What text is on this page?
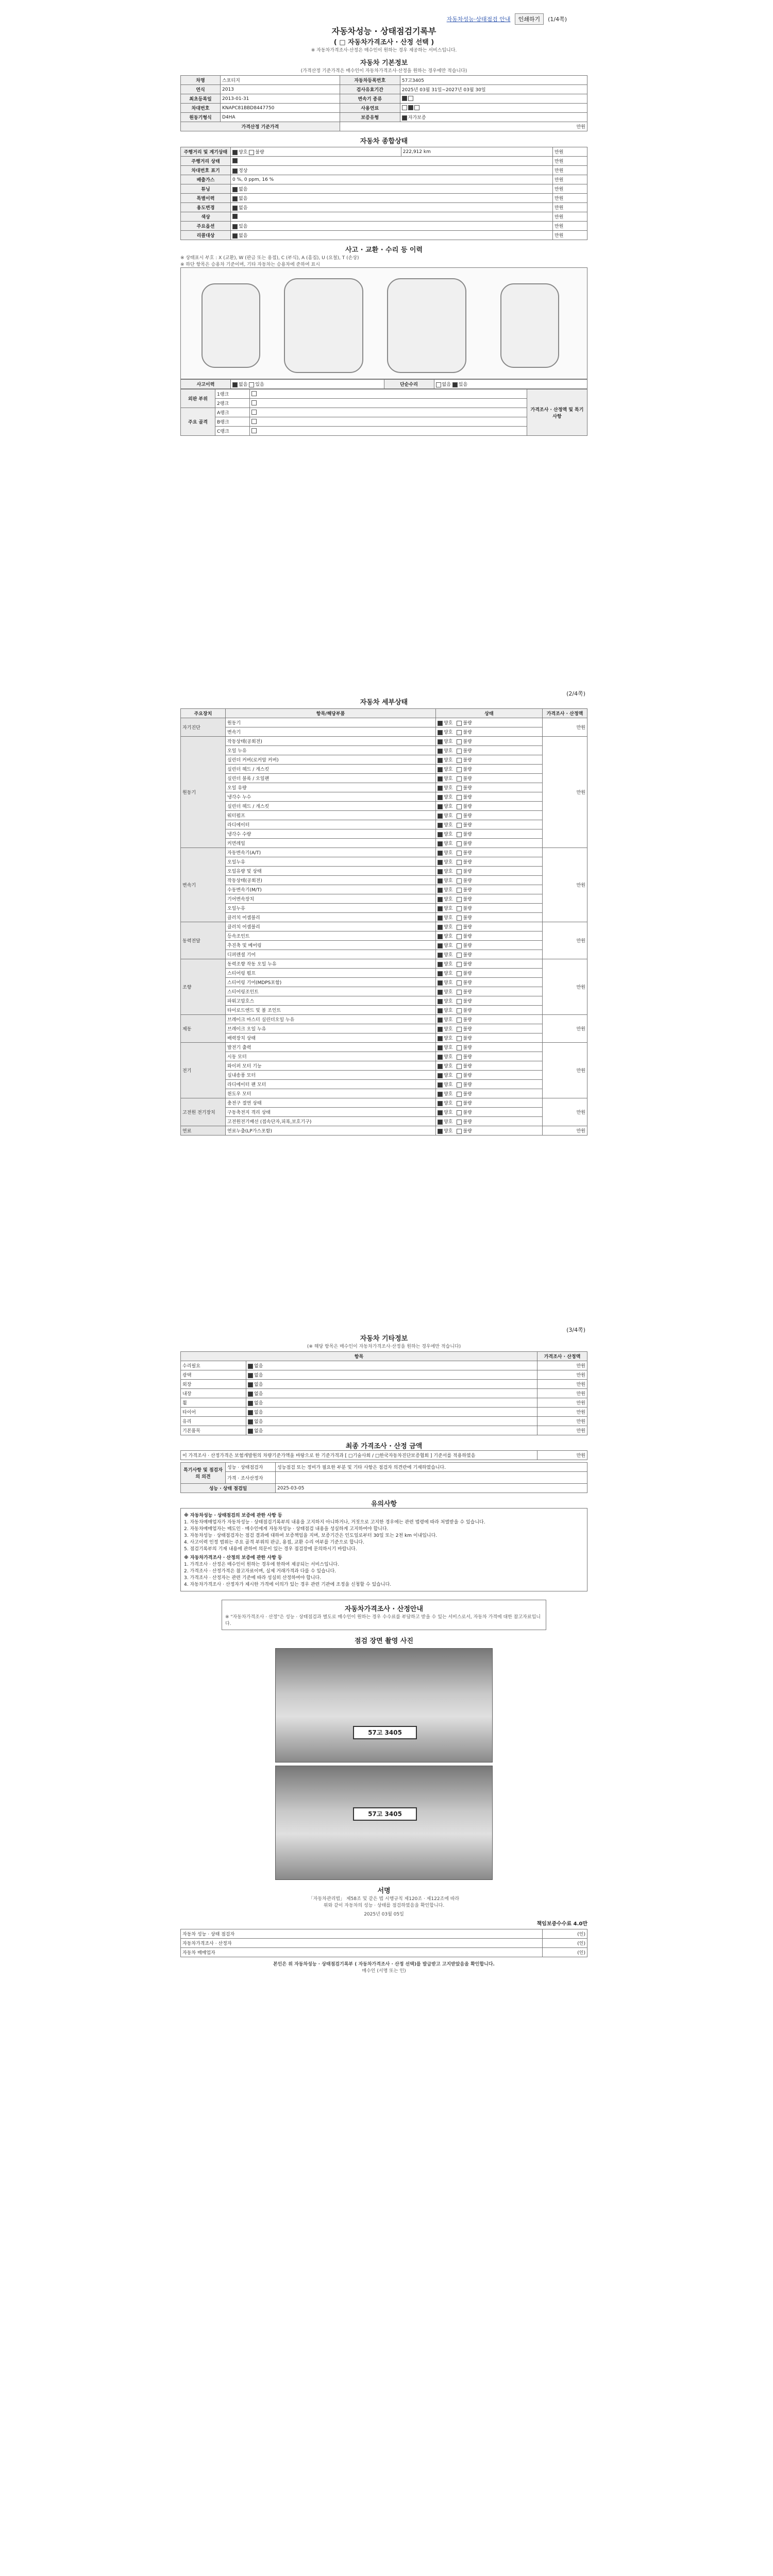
자동차성능·상태점검 안내	인쇄하기	(1/4쪽)
자동차성능 · 상태점검기록부
( □ 자동차가격조사 · 산정 선택 )
※ 자동차가격조사·산정은 매수인이 원하는 경우 제공하는 서비스입니다.
자동차 기본정보
(가격산정 기준가격은 매수인이 자동차가격조사·산정을 원하는 경우에만 적습니다)
차명	스포티지	자동차등록번호	57고3405
연식	2013	검사유효기간	2025년 03월 31일~2027년 03월 30일
최초등록일	2013-01-31	변속기 종류	
차대번호	KNAPC81BBD8447750	사용연료	
원동기형식	D4HA	보증유형	자가보증
가격산정 기준가격		만원	
자동차 종합상태
주행거리 및 계기상태	양호 불량	222,912 km	만원
주행거리 상태			만원
차대번호 표기	정상		만원
배출가스	0 %, 0 ppm, 16 %		만원
튜닝	없음		만원
특별이력	없음		만원
용도변경	없음		만원
색상			만원
주요옵션	있음		만원
리콜대상	없음		만원
사고 · 교환 · 수리 등 이력
※ 상태표시 부호 : X (교환), W (판금 또는 용접), C (부식), A (흠집), U (요철), T (손상)
※ 하단 항목은 승용차 기준이며, 기타 자동차는 승용차에 준하여 표시
사고이력	없음 있음	단순수리	없음 있음
외판 부위	1랭크		가격조사 · 산정액 및 특기사항
	2랭크		
주요 골격	A랭크		
	B랭크		
	C랭크		
(2/4쪽)
자동차 세부상태
주요장치	항목/해당부품	상태	가격조사 · 산정액
자기진단	원동기	양호 불량	만원
	변속기	양호 불량	
원동기	작동상태(공회전)	양호 불량	만원
	오일 누유	양호 불량	
	실린더 커버(로커암 커버)	양호 불량	
	실린더 헤드 / 개스킷	양호 불량	
	실린더 블록 / 오일팬	양호 불량	
	오일 유량	양호 불량	
	냉각수 누수	양호 불량	
	실린더 헤드 / 개스킷	양호 불량	
	워터펌프	양호 불량	
	라디에이터	양호 불량	
	냉각수 수량	양호 불량	
	커먼레일	양호 불량	
변속기	자동변속기(A/T)	양호 불량	만원
	오일누유	양호 불량	
	오일유량 및 상태	양호 불량	
	작동상태(공회전)	양호 불량	
	수동변속기(M/T)	양호 불량	
	기어변속장치	양호 불량	
	오일누유	양호 불량	
	클러치 어셈블리	양호 불량	
동력전달	클러치 어셈블리	양호 불량	만원
	등속조인트	양호 불량	
	추진축 및 베어링	양호 불량	
	디퍼렌셜 기어	양호 불량	
조향	동력조향 작동 오일 누유	양호 불량	만원
	스티어링 펌프	양호 불량	
	스티어링 기어(MDPS포함)	양호 불량	
	스티어링조인트	양호 불량	
	파워고압호스	양호 불량	
	타이로드엔드 및 볼 조인트	양호 불량	
제동	브레이크 마스터 실린더오일 누유	양호 불량	만원
	브레이크 오일 누유	양호 불량	
	배력장치 상태	양호 불량	
전기	발전기 출력	양호 불량	만원
	시동 모터	양호 불량	
	와이퍼 모터 기능	양호 불량	
	실내송풍 모터	양호 불량	
	라디에이터 팬 모터	양호 불량	
	윈도우 모터	양호 불량	
고전원 전기장치	충전구 절연 상태	양호 불량	만원
	구동축전지 격리 상태	양호 불량	
	고전원전기배선 (접속단자,피복,보호기구)	양호 불량	
연료	연료누출(LP가스포함)	양호 불량	만원
(3/4쪽)
자동차 기타정보
(※ 해당 항목은 매수인이 자동차가격조사·산정을 원하는 경우에만 적습니다)
항목		가격조사 · 산정액
수리필요	없음	만원
광택	없음	만원
외장	없음	만원
내장	없음	만원
휠	없음	만원
타이어	없음	만원
유리	없음	만원
기본품목	없음	만원
최종 가격조사 · 산정 금액
이 가격조사 · 산정가격은 보험개발원의 차량기준가액을 바탕으로 한 기준가격과 [ □기술사회 / □한국자동차진단보증협회 ] 기준서를 적용하였음	만원
특기사항 및 점검자의 의견	성능 · 상태점검자	성능점검 또는 정비가 필요한 부분 및 기타 사항은 점검자 의견란에 기재하였습니다.
	가격 · 조사산정자	
성능 · 상태 점검일		2025-03-05
유의사항
※ 자동차성능 · 상태점검의 보증에 관한 사항 등
1. 자동차매매업자가 자동차성능 · 상태점검기록부의 내용을 고지하지 아니하거나, 거짓으로 고지한 경우에는 관련 법령에 따라 처벌받을 수 있습니다.
2. 자동차매매업자는 매도인 · 매수인에게 자동차성능 · 상태점검 내용을 성실하게 고지하여야 합니다.
3. 자동차성능 · 상태점검자는 점검 결과에 대하여 보증책임을 지며, 보증기간은 인도일로부터 30일 또는 2천 km 이내입니다.
4. 사고이력 인정 범위는 주요 골격 부위의 판금, 용접, 교환 수리 여부를 기준으로 합니다.
5. 점검기록부의 기재 내용에 관하여 의문이 있는 경우 점검장에 문의하시기 바랍니다.
※ 자동차가격조사 · 산정의 보증에 관한 사항 등
1. 가격조사 · 산정은 매수인이 원하는 경우에 한하여 제공되는 서비스입니다.
2. 가격조사 · 산정가격은 참고자료이며, 실제 거래가격과 다를 수 있습니다.
3. 가격조사 · 산정자는 관련 기준에 따라 성실히 산정하여야 합니다.
4. 자동차가격조사 · 산정자가 제시한 가격에 이의가 있는 경우 관련 기관에 조정을 신청할 수 있습니다.
자동차가격조사 · 산정안내
※ "자동차가격조사 · 산정"은 성능 · 상태점검과 별도로 매수인이 원하는 경우 수수료를 부담하고 받을 수 있는 서비스로서, 자동차 가격에 대한 참고자료입니다.
점검 장면 촬영 사진
57고 3405
57고 3405
서명
「자동차관리법」 제58조 및 같은 법 시행규칙 제120조 · 제122조에 따라
위와 같이 자동차의 성능 · 상태를 점검하였음을 확인합니다.
2025년 03월 05일
책임보증수수료 4.0만
자동차 성능 · 상태 점검자	(인)
자동차가격조사 · 산정자	(인)
자동차 매매업자	(인)
본인은 위 자동차성능 · 상태점검기록부 ( 자동차가격조사 · 산정 선택)를 발급받고 고지받았음을 확인합니다.
매수인 (서명 또는 인)
